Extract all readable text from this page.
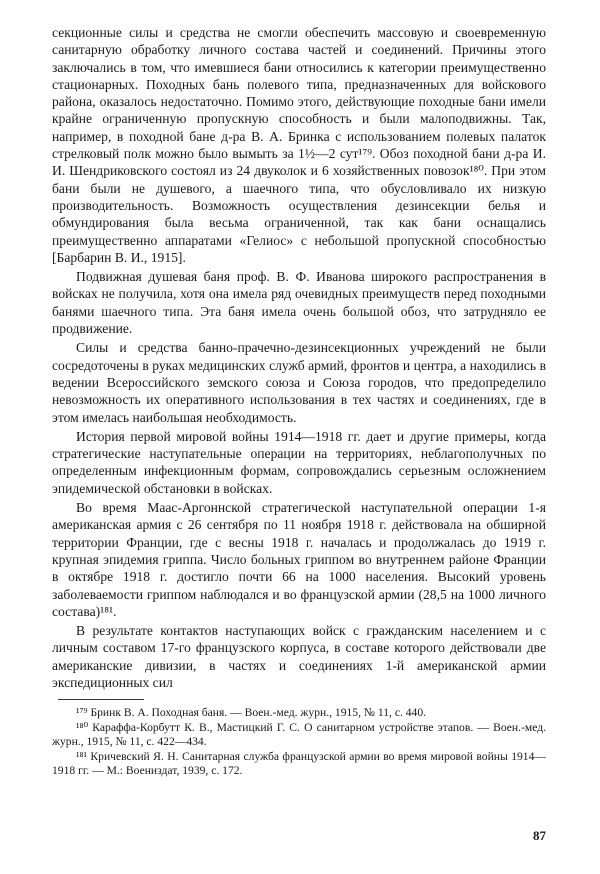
секционные силы и средства не смогли обеспечить массовую и своевременную санитарную обработку личного состава частей и соединений. Причины этого заключались в том, что имевшиеся бани относились к категории преимущественно стационарных. Походных бань полевого типа, предназначенных для войскового района, оказалось недостаточно. Помимо этого, действующие походные бани имели крайне ограниченную пропускную способность и были малоподвижны. Так, например, в походной бане д-ра В. А. Бринка с использованием полевых палаток стрелковый полк можно было вымыть за 1½—2 сут¹⁷⁹. Обоз походной бани д-ра И. И. Шендриковского состоял из 24 двуколок и 6 хозяйственных повозок¹⁸⁰. При этом бани были не душевого, а шаечного типа, что обусловливало их низкую производительность. Возможность осуществления дезинсекции белья и обмундирования была весьма ограниченной, так как бани оснащались преимущественно аппаратами «Гелиос» с небольшой пропускной способностью [Барбарин В. И., 1915].

Подвижная душевая баня проф. В. Ф. Иванова широкого распространения в войсках не получила, хотя она имела ряд очевидных преимуществ перед походными банями шаечного типа. Эта баня имела очень большой обоз, что затрудняло ее продвижение.

Силы и средства банно-прачечно-дезинсекционных учреждений не были сосредоточены в руках медицинских служб армий, фронтов и центра, а находились в ведении Всероссийского земского союза и Союза городов, что предопределило невозможность их оперативного использования в тех частях и соединениях, где в этом имелась наибольшая необходимость.

История первой мировой войны 1914—1918 гг. дает и другие примеры, когда стратегические наступательные операции на территориях, неблагополучных по определенным инфекционным формам, сопровождались серьезным осложнением эпидемической обстановки в войсках.

Во время Маас-Аргоннской стратегической наступательной операции 1-я американская армия с 26 сентября по 11 ноября 1918 г. действовала на обширной территории Франции, где с весны 1918 г. началась и продолжалась до 1919 г. крупная эпидемия гриппа. Число больных гриппом во внутреннем районе Франции в октябре 1918 г. достигло почти 66 на 1000 населения. Высокий уровень заболеваемости гриппом наблюдался и во французской армии (28,5 на 1000 личного состава)¹⁸¹.

В результате контактов наступающих войск с гражданским населением и с личным составом 17-го французского корпуса, в составе которого действовали две американские дивизии, в частях и соединениях 1-й американской армии экспедиционных сил

¹⁷⁹ Бринк В. А. Походная баня. — Воен.-мед. журн., 1915, № 11, с. 440.

¹⁸⁰ Караффа-Корбутт К. В., Мастицкий Г. С. О санитарном устройстве этапов. — Воен.-мед. журн., 1915, № 11, с. 422—434.

¹⁸¹ Кричевский Я. Н. Санитарная служба французской армии во время мировой войны 1914—1918 гг. — М.: Воениздат, 1939, с. 172.

87
